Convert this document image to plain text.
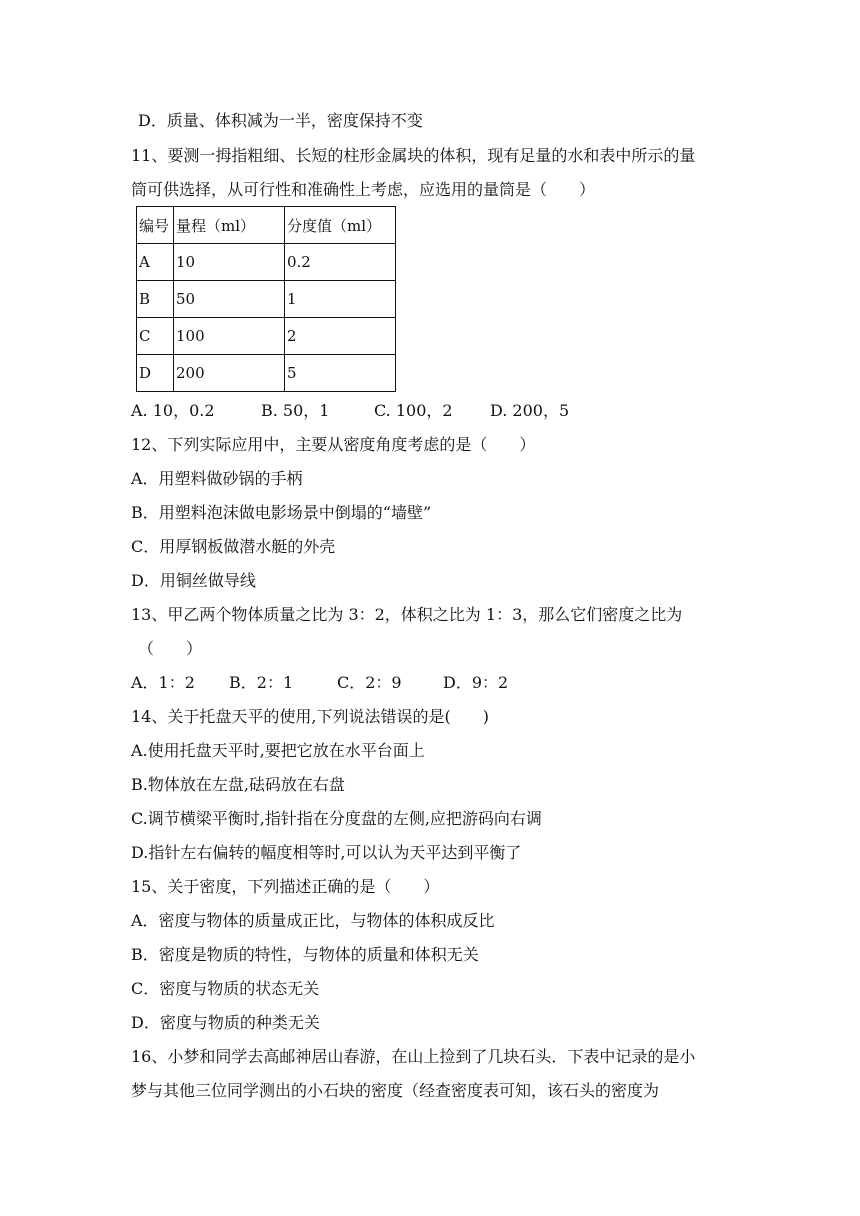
D．质量、体积减为一半，密度保持不变
11、要测一拇指粗细、长短的柱形金属块的体积，现有足量的水和表中所示的量
筒可供选择，从可行性和准确性上考虑，应选用的量筒是（　　）
编号	量程（ml）	分度值（ml）
A	10	0.2
B	50	1
C	100	2
D	200	5
A. 10，0.2	B. 50，1	C. 100，2 D. 200，5
12、下列实际应用中，主要从密度角度考虑的是（　　）
A．用塑料做砂锅的手柄
B．用塑料泡沫做电影场景中倒塌的“墙壁”
C．用厚钢板做潜水艇的外壳
D．用铜丝做导线
13、甲乙两个物体质量之比为 3：2，体积之比为 1：3，那么它们密度之比为
（　　）
A．1：2 B．2：1	C．2：9	D．9：2
14、关于托盘天平的使用,下列说法错误的是(　　)
A.使用托盘天平时,要把它放在水平台面上
B.物体放在左盘,砝码放在右盘
C.调节横梁平衡时,指针指在分度盘的左侧,应把游码向右调
D.指针左右偏转的幅度相等时,可以认为天平达到平衡了
15、关于密度，下列描述正确的是（　　）
A．密度与物体的质量成正比，与物体的体积成反比
B．密度是物质的特性，与物体的质量和体积无关
C．密度与物质的状态无关
D．密度与物质的种类无关
16、小梦和同学去高邮神居山春游，在山上捡到了几块石头．下表中记录的是小
梦与其他三位同学测出的小石块的密度（经查密度表可知，该石头的密度为
